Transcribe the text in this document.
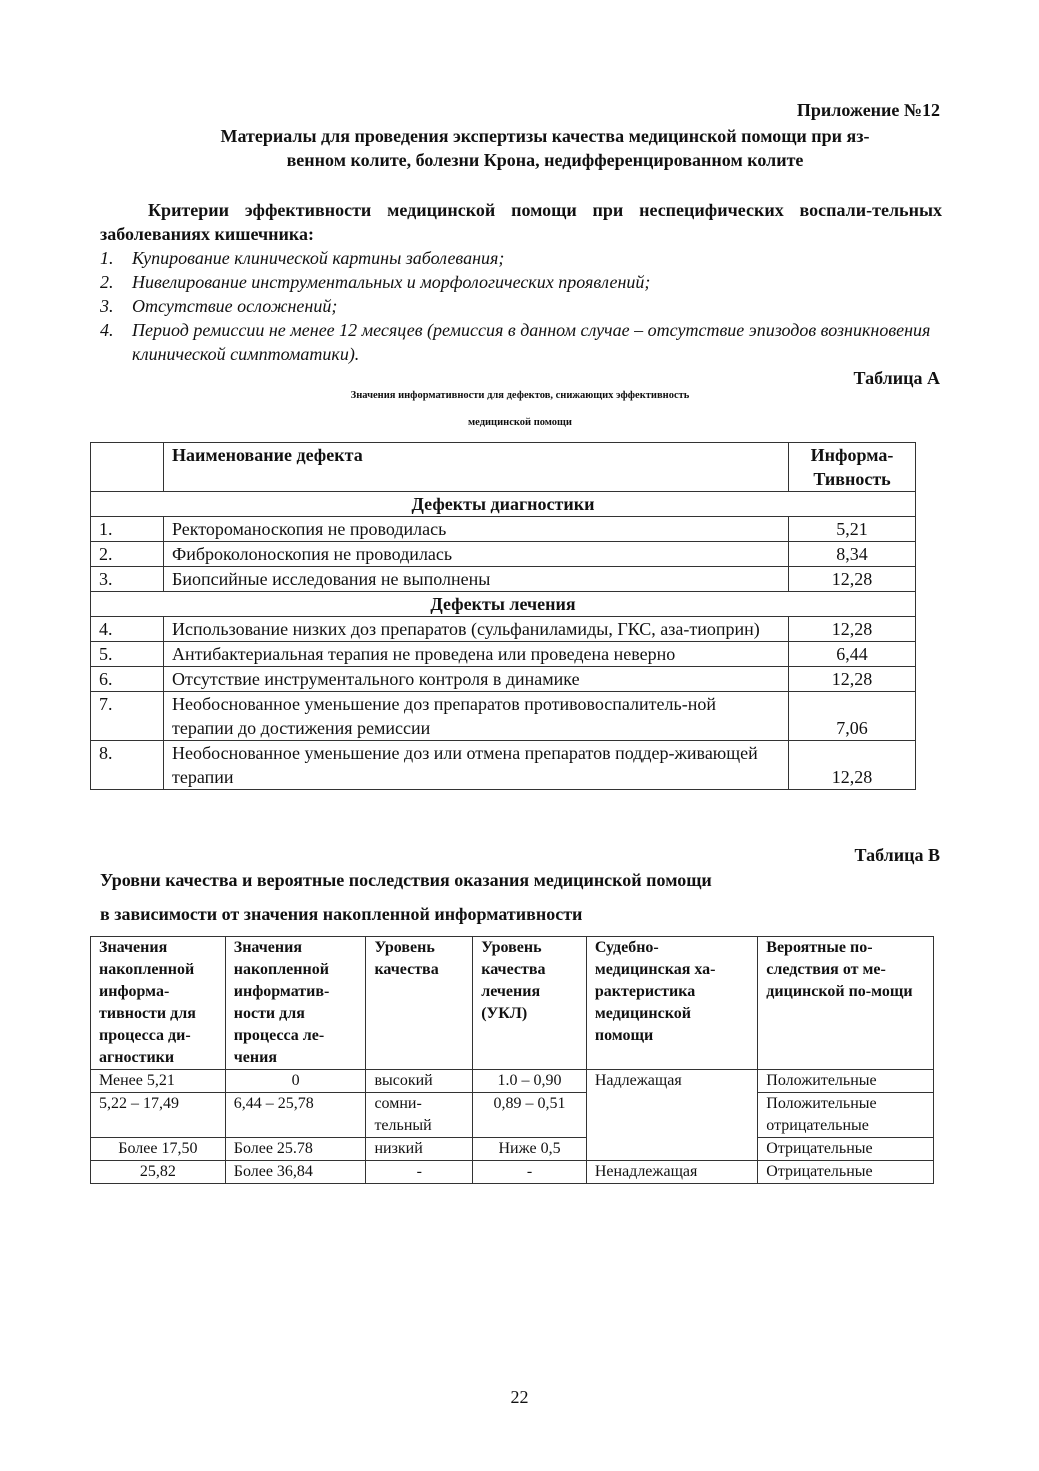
Приложение №12
Материалы для проведения экспертизы качества медицинской помощи при яз-
венном колите, болезни Крона, недифференцированном колите
Критерии эффективности медицинской помощи при неспецифических воспали-тельных заболеваниях кишечника:
1.	Купирование клинической картины заболевания;
2.	Нивелирование инструментальных и морфологических проявлений;
3.	Отсутствие осложнений;
4.	Период ремиссии не менее 12 месяцев (ремиссия в данном случае – отсутствие эпизодов возникновения клинической симптоматики).
Таблица А
Значения информативности для дефектов, снижающих эффективность
медицинской помощи
	Наименование дефекта	Информа-
Тивность

Дефекты диагностики		
1.	Ректороманоскопия не проводилась	5,21
2.	Фиброколоноскопия не проводилась	8,34
3.	Биопсийные исследования не выполнены	12,28
Дефекты лечения		
4.	Использование низких доз препаратов (сульфаниламиды, ГКС, аза-тиоприн)	12,28
5.	Антибактериальная терапия не проведена или проведена неверно	6,44
6.	Отсутствие инструментального контроля в динамике	12,28
7.	Необоснованное уменьшение доз препаратов противовоспалитель-ной терапии до достижения ремиссии	7,06
8.	Необоснованное уменьшение доз или отмена препаратов поддер-живающей терапии	12,28
Таблица В
Уровни качества и вероятные последствия оказания медицинской помощи
в зависимости от значения накопленной информативности
Значения накопленной информа-тивности для процесса ди-агностики	Значения накопленной информатив-ности для процесса ле-чения	Уровень качества	Уровень качества лечения (УКЛ)	Судебно-медицинская ха-рактеристика медицинской помощи	Вероятные по-следствия от ме-дицинской по-мощи
Менее 5,21	0	высокий	1.0 – 0,90	Надлежащая	Положительные
5,22 – 17,49	6,44 – 25,78	сомни-тельный	0,89 – 0,51		Положительные отрицательные

Более 17,50	Более 25.78	низкий	Ниже 0,5		Отрицательные
25,82	Более 36,84	-	-	Ненадлежащая	Отрицательные
22
